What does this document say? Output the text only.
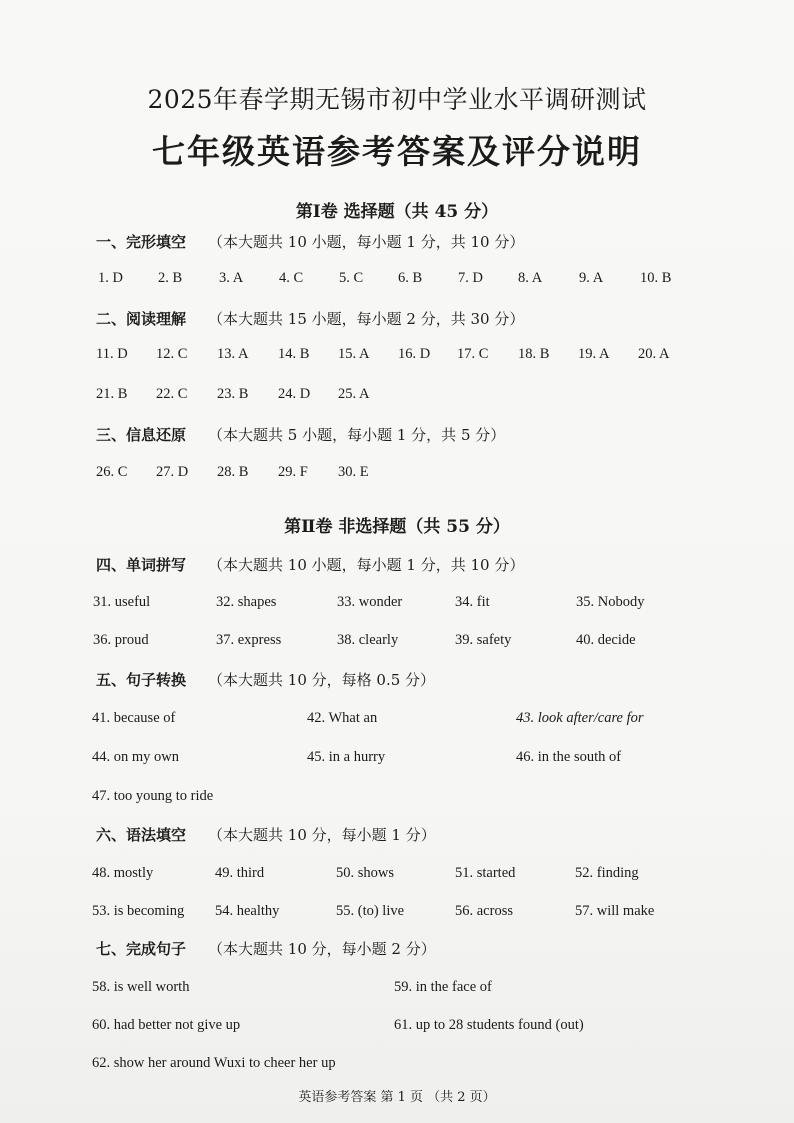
2025年春学期无锡市初中学业水平调研测试
七年级英语参考答案及评分说明
第Ⅰ卷 选择题（共 45 分）
一、完形填空 （本大题共 10 小题，每小题 1 分，共 10 分）
1. D 2. B	3. A 4. C 5. C 6. B 7. D 8. A	9. A	10. B
二、阅读理解 （本大题共 15 小题，每小题 2 分，共 30 分）
11. D 12. C 13. A 14. B 15. A 16. D 17. C 18. B 19. A 20. A
21. B 22. C 23. B 24. D 25. A
三、信息还原 （本大题共 5 小题，每小题 1 分，共 5 分）
26. C 27. D 28. B 29. F 30. E
第Ⅱ卷 非选择题（共 55 分）
四、单词拼写 （本大题共 10 小题，每小题 1 分，共 10 分）
31. useful	32. shapes	33. wonder	34. fit	35. Nobody
36. proud	37. express	38. clearly	39. safety	40. decide
五、句子转换 （本大题共 10 分，每格 0.5 分）
41. because of	42. What an	43. look after/care for
44. on my own	45. in a hurry	46. in the south of
47. too young to ride
六、语法填空 （本大题共 10 分，每小题 1 分）
48. mostly	49. third	50. shows	51. started	52. finding
53. is becoming 54. healthy	55. (to) live	56. across	57. will make
七、完成句子 （本大题共 10 分，每小题 2 分）
58. is well worth	59. in the face of
60. had better not give up	61. up to 28 students found (out)
62. show her around Wuxi to cheer her up
英语参考答案 第 1 页 （共 2 页）
